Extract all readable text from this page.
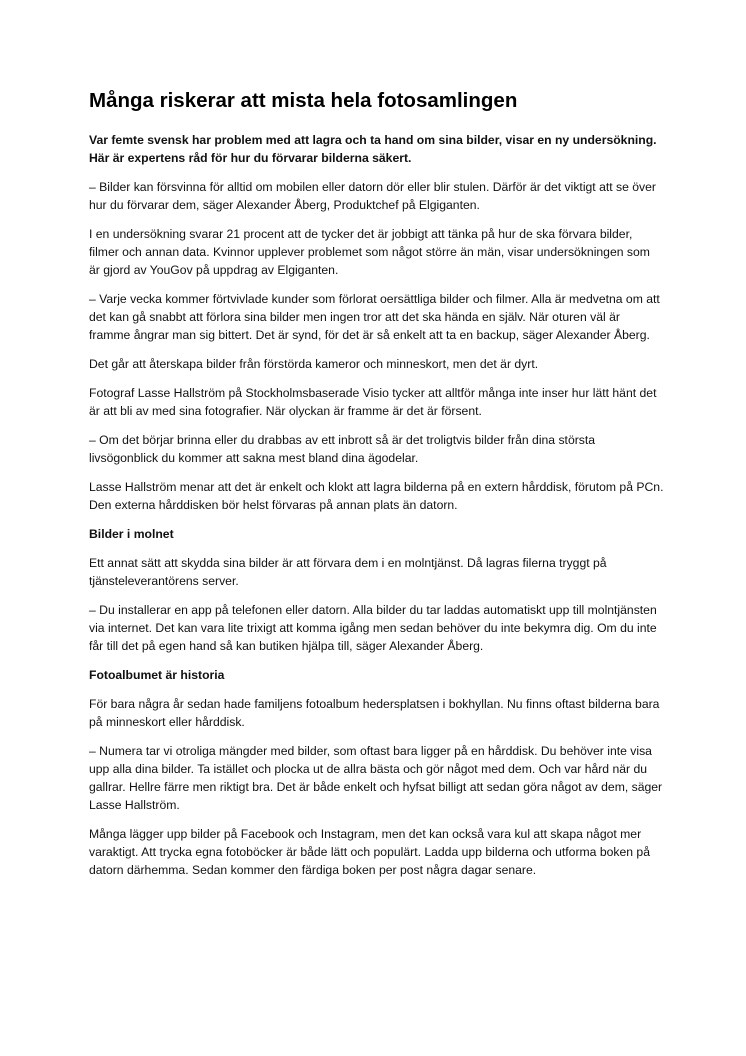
Många riskerar att mista hela fotosamlingen

Var femte svensk har problem med att lagra och ta hand om sina bilder, visar en ny undersökning. Här är expertens råd för hur du förvarar bilderna säkert.

– Bilder kan försvinna för alltid om mobilen eller datorn dör eller blir stulen. Därför är det viktigt att se över hur du förvarar dem, säger Alexander Åberg, Produktchef på Elgiganten.

I en undersökning svarar 21 procent att de tycker det är jobbigt att tänka på hur de ska förvara bilder, filmer och annan data. Kvinnor upplever problemet som något större än män, visar undersökningen som är gjord av YouGov på uppdrag av Elgiganten.

– Varje vecka kommer förtvivlade kunder som förlorat oersättliga bilder och filmer. Alla är medvetna om att det kan gå snabbt att förlora sina bilder men ingen tror att det ska hända en själv. När oturen väl är framme ångrar man sig bittert. Det är synd, för det är så enkelt att ta en backup, säger Alexander Åberg.

Det går att återskapa bilder från förstörda kameror och minneskort, men det är dyrt.

Fotograf Lasse Hallström på Stockholmsbaserade Visio tycker att alltför många inte inser hur lätt hänt det är att bli av med sina fotografier. När olyckan är framme är det är försent.

– Om det börjar brinna eller du drabbas av ett inbrott så är det troligtvis bilder från dina största livsögonblick du kommer att sakna mest bland dina ägodelar.

Lasse Hallström menar att det är enkelt och klokt att lagra bilderna på en extern hårddisk, förutom på PCn. Den externa hårddisken bör helst förvaras på annan plats än datorn.

Bilder i molnet

Ett annat sätt att skydda sina bilder är att förvara dem i en molntjänst. Då lagras filerna tryggt på tjänsteleverantörens server.

– Du installerar en app på telefonen eller datorn. Alla bilder du tar laddas automatiskt upp till molntjänsten via internet. Det kan vara lite trixigt att komma igång men sedan behöver du inte bekymra dig. Om du inte får till det på egen hand så kan butiken hjälpa till, säger Alexander Åberg.

Fotoalbumet är historia

För bara några år sedan hade familjens fotoalbum hedersplatsen i bokhyllan. Nu finns oftast bilderna bara på minneskort eller hårddisk.

– Numera tar vi otroliga mängder med bilder, som oftast bara ligger på en hårddisk. Du behöver inte visa upp alla dina bilder. Ta istället och plocka ut de allra bästa och gör något med dem. Och var hård när du gallrar. Hellre färre men riktigt bra. Det är både enkelt och hyfsat billigt att sedan göra något av dem, säger Lasse Hallström.

Många lägger upp bilder på Facebook och Instagram, men det kan också vara kul att skapa något mer varaktigt. Att trycka egna fotoböcker är både lätt och populärt. Ladda upp bilderna och utforma boken på datorn därhemma. Sedan kommer den färdiga boken per post några dagar senare.
